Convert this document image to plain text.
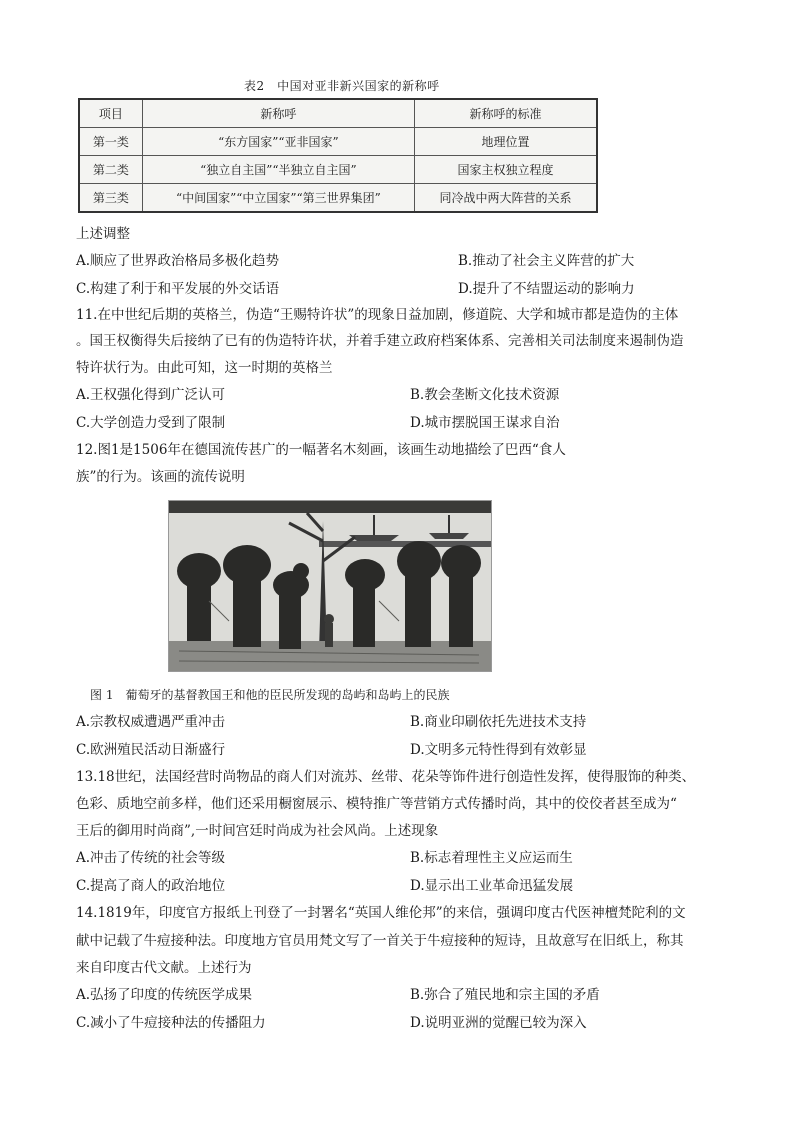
表2　中国对亚非新兴国家的新称呼
项目	新称呼	新称呼的标准
第一类	“东方国家”“亚非国家”	地理位置
第二类	“独立自主国”“半独立自主国”	国家主权独立程度
第三类	“中间国家”“中立国家”“第三世界集团”	同冷战中两大阵营的关系
上述调整
A.顺应了世界政治格局多极化趋势	B.推动了社会主义阵营的扩大
C.构建了利于和平发展的外交话语	D.提升了不结盟运动的影响力
11.在中世纪后期的英格兰，伪造“王赐特许状”的现象日益加剧，修道院、大学和城市都是造伪的主体
。国王权衡得失后接纳了已有的伪造特许状，并着手建立政府档案体系、完善相关司法制度来遏制伪造
特许状行为。由此可知，这一时期的英格兰
A.王权强化得到广泛认可	B.教会垄断文化技术资源
C.大学创造力受到了限制	D.城市摆脱国王谋求自治
12.图1是1506年在德国流传甚广的一幅著名木刻画，该画生动地描绘了巴西“食人
族”的行为。该画的流传说明
图 1　葡萄牙的基督教国王和他的臣民所发现的岛屿和岛屿上的民族
A.宗教权威遭遇严重冲击	B.商业印刷依托先进技术支持
C.欧洲殖民活动日渐盛行	D.文明多元特性得到有效彰显
13.18世纪，法国经营时尚物品的商人们对流苏、丝带、花朵等饰件进行创造性发挥，使得服饰的种类、
色彩、质地空前多样，他们还采用橱窗展示、模特推广等营销方式传播时尚，其中的佼佼者甚至成为“
王后的御用时尚商”,一时间宫廷时尚成为社会风尚。上述现象
A.冲击了传统的社会等级	B.标志着理性主义应运而生
C.提高了商人的政治地位	D.显示出工业革命迅猛发展
14.1819年，印度官方报纸上刊登了一封署名“英国人维伦邦”的来信，强调印度古代医神檀梵陀利的文
献中记载了牛痘接种法。印度地方官员用梵文写了一首关于牛痘接种的短诗，且故意写在旧纸上，称其
来自印度古代文献。上述行为
A.弘扬了印度的传统医学成果	B.弥合了殖民地和宗主国的矛盾
C.减小了牛痘接种法的传播阻力	D.说明亚洲的觉醒已较为深入
